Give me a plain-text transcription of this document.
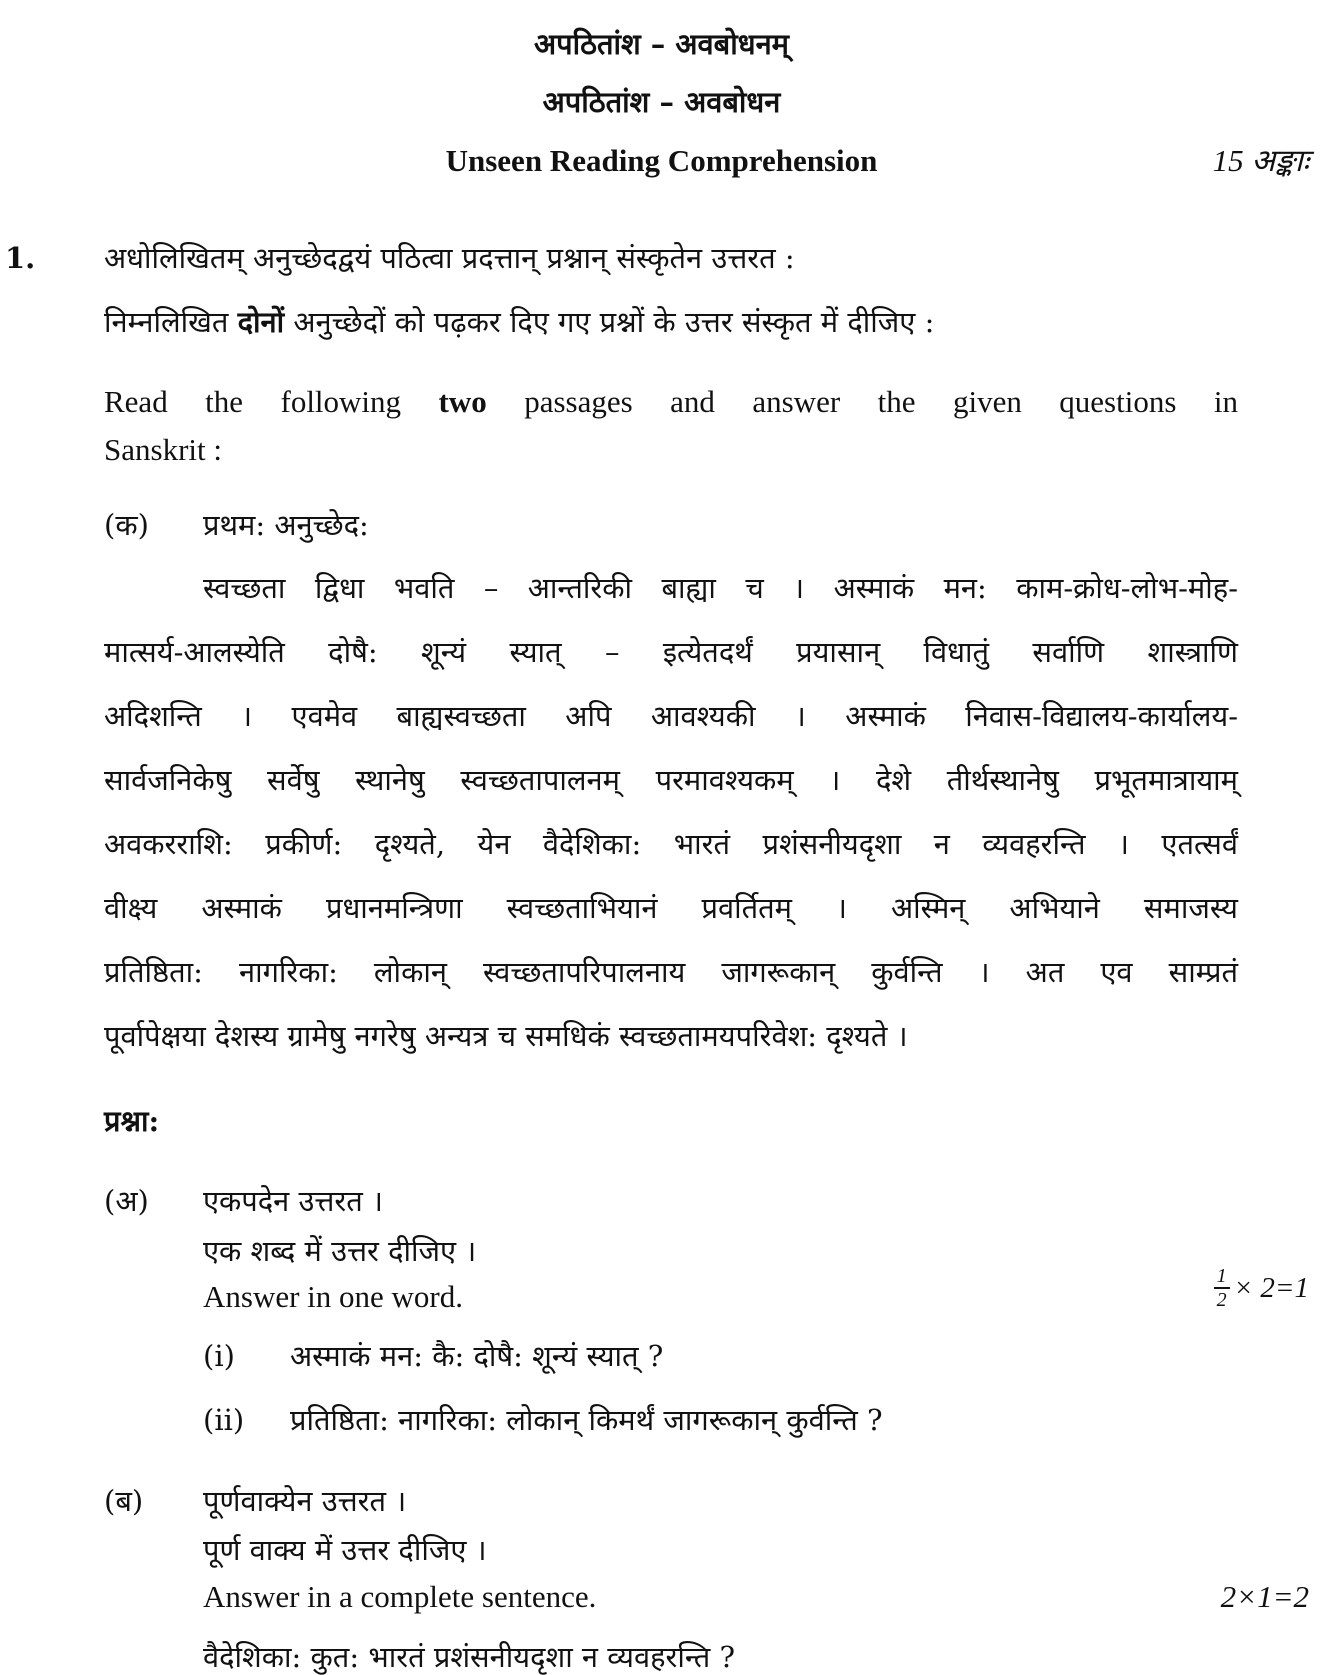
अपठितांश – अवबोधनम्
अपठितांश – अवबोधन
Unseen Reading Comprehension	15 अङ्काः
1. अधोलिखितम् अनुच्छेदद्वयं पठित्वा प्रदत्तान् प्रश्नान् संस्कृतेन उत्तरत :
निम्नलिखित दोनों अनुच्छेदों को पढ़कर दिए गए प्रश्नों के उत्तर संस्कृत में दीजिए :
Read the following two passages and answer the given questions in
Sanskrit :
(क) प्रथम: अनुच्छेद:
स्वच्छता द्विधा भवति – आन्तरिकी बाह्या च । अस्माकं मन: काम-क्रोध-लोभ-मोह-
मात्सर्य-आलस्येति दोषै: शून्यं स्यात् – इत्येतदर्थं प्रयासान् विधातुं सर्वाणि शास्त्राणि
अदिशन्ति । एवमेव बाह्यस्वच्छता अपि आवश्यकी । अस्माकं निवास-विद्यालय-कार्यालय-
सार्वजनिकेषु सर्वेषु स्थानेषु स्वच्छतापालनम् परमावश्यकम् । देशे तीर्थस्थानेषु प्रभूतमात्रायाम्
अवकरराशि: प्रकीर्ण: दृश्यते, येन वैदेशिका: भारतं प्रशंसनीयदृशा न व्यवहरन्ति । एतत्सर्वं
वीक्ष्य अस्माकं प्रधानमन्त्रिणा स्वच्छताभियानं प्रवर्तितम् । अस्मिन् अभियाने समाजस्य
प्रतिष्ठिता: नागरिका: लोकान् स्वच्छतापरिपालनाय जागरूकान् कुर्वन्ति । अत एव साम्प्रतं
पूर्वापेक्षया देशस्य ग्रामेषु नगरेषु अन्यत्र च समधिकं स्वच्छतामयपरिवेश: दृश्यते ।
प्रश्ना:
(अ) एकपदेन उत्तरत ।
एक शब्द में उत्तर दीजिए ।
Answer in one word.
1
2 × 2=1
(i) अस्माकं मन: कै: दोषै: शून्यं स्यात् ?
(ii) प्रतिष्ठिता: नागरिका: लोकान् किमर्थं जागरूकान् कुर्वन्ति ?
(ब) पूर्णवाक्येन उत्तरत ।
पूर्ण वाक्य में उत्तर दीजिए ।
Answer in a complete sentence.	2×1=2
वैदेशिका: कुत: भारतं प्रशंसनीयदृशा न व्यवहरन्ति ?
